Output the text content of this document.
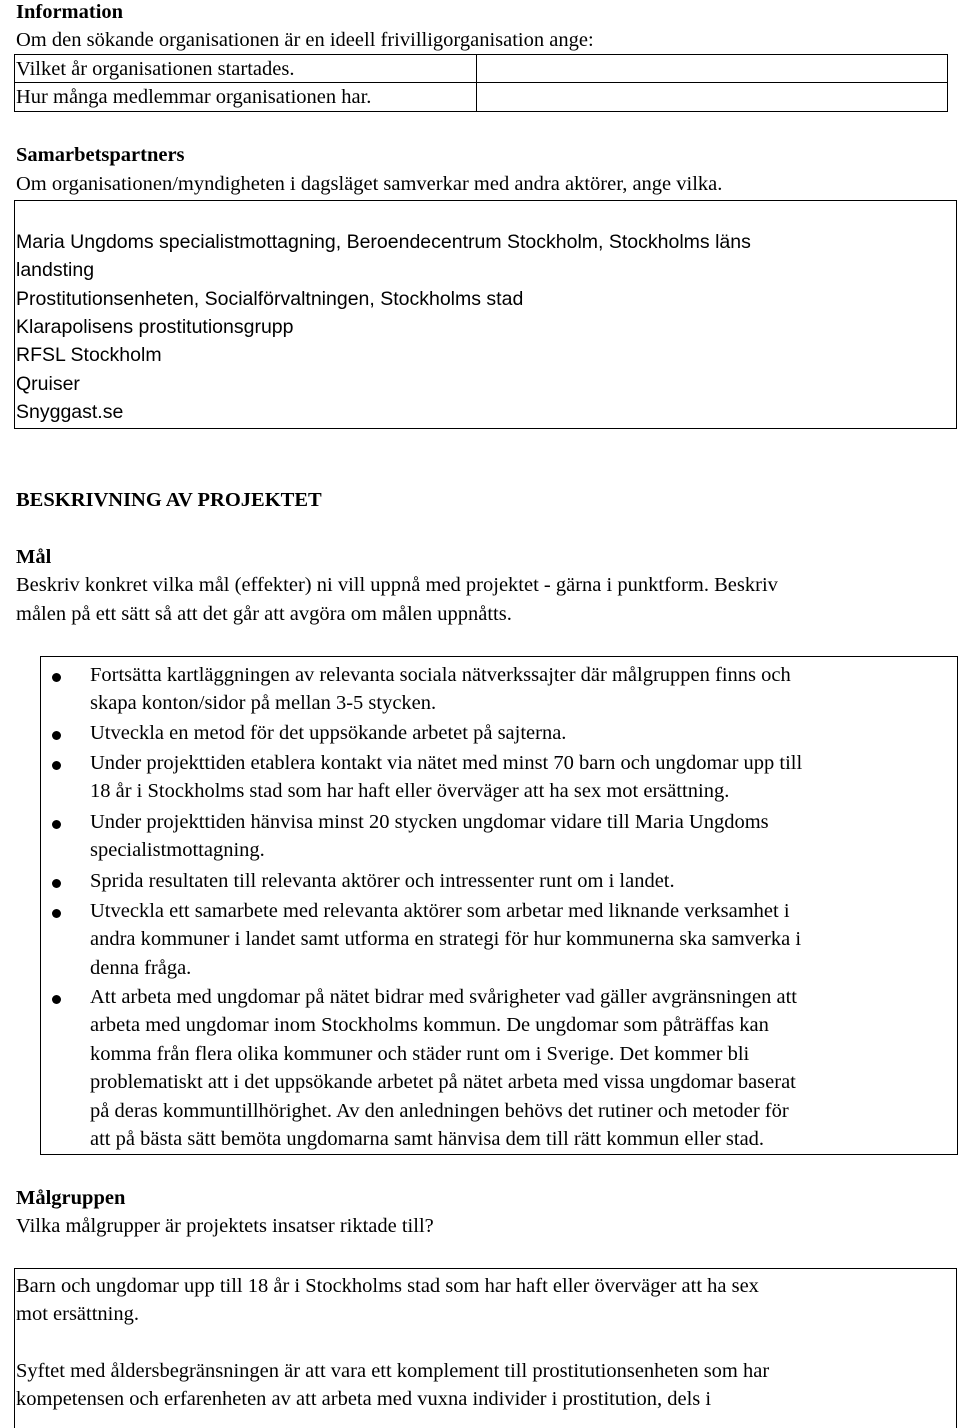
Information
Om den sökande organisationen är en ideell frivilligorganisation ange:
Vilket år organisationen startades.
Hur många medlemmar organisationen har.
Samarbetspartners
Om organisationen/myndigheten i dagsläget samverkar med andra aktörer, ange vilka.
Maria Ungdoms specialistmottagning, Beroendecentrum Stockholm, Stockholms läns
landsting
Prostitutionsenheten, Socialförvaltningen, Stockholms stad
Klarapolisens prostitutionsgrupp
RFSL Stockholm
Qruiser
Snyggast.se
BESKRIVNING AV PROJEKTET
Mål
Beskriv konkret vilka mål (effekter) ni vill uppnå med projektet - gärna i punktform. Beskriv
målen på ett sätt så att det går att avgöra om målen uppnåtts.
Fortsätta kartläggningen av relevanta sociala nätverkssajter där målgruppen finns och
skapa konton/sidor på mellan 3-5 stycken.
Utveckla en metod för det uppsökande arbetet på sajterna.
Under projekttiden etablera kontakt via nätet med minst 70 barn och ungdomar upp till
18 år i Stockholms stad som har haft eller överväger att ha sex mot ersättning.
Under projekttiden hänvisa minst 20 stycken ungdomar vidare till Maria Ungdoms
specialistmottagning.
Sprida resultaten till relevanta aktörer och intressenter runt om i landet.
Utveckla ett samarbete med relevanta aktörer som arbetar med liknande verksamhet i
andra kommuner i landet samt utforma en strategi för hur kommunerna ska samverka i
denna fråga.
Att arbeta med ungdomar på nätet bidrar med svårigheter vad gäller avgränsningen att
arbeta med ungdomar inom Stockholms kommun. De ungdomar som påträffas kan
komma från flera olika kommuner och städer runt om i Sverige. Det kommer bli
problematiskt att i det uppsökande arbetet på nätet arbeta med vissa ungdomar baserat
på deras kommuntillhörighet. Av den anledningen behövs det rutiner och metoder för
att på bästa sätt bemöta ungdomarna samt hänvisa dem till rätt kommun eller stad.
Målgruppen
Vilka målgrupper är projektets insatser riktade till?
Barn och ungdomar upp till 18 år i Stockholms stad som har haft eller överväger att ha sex
mot ersättning.
Syftet med åldersbegränsningen är att vara ett komplement till prostitutionsenheten som har
kompetensen och erfarenheten av att arbeta med vuxna individer i prostitution, dels i
